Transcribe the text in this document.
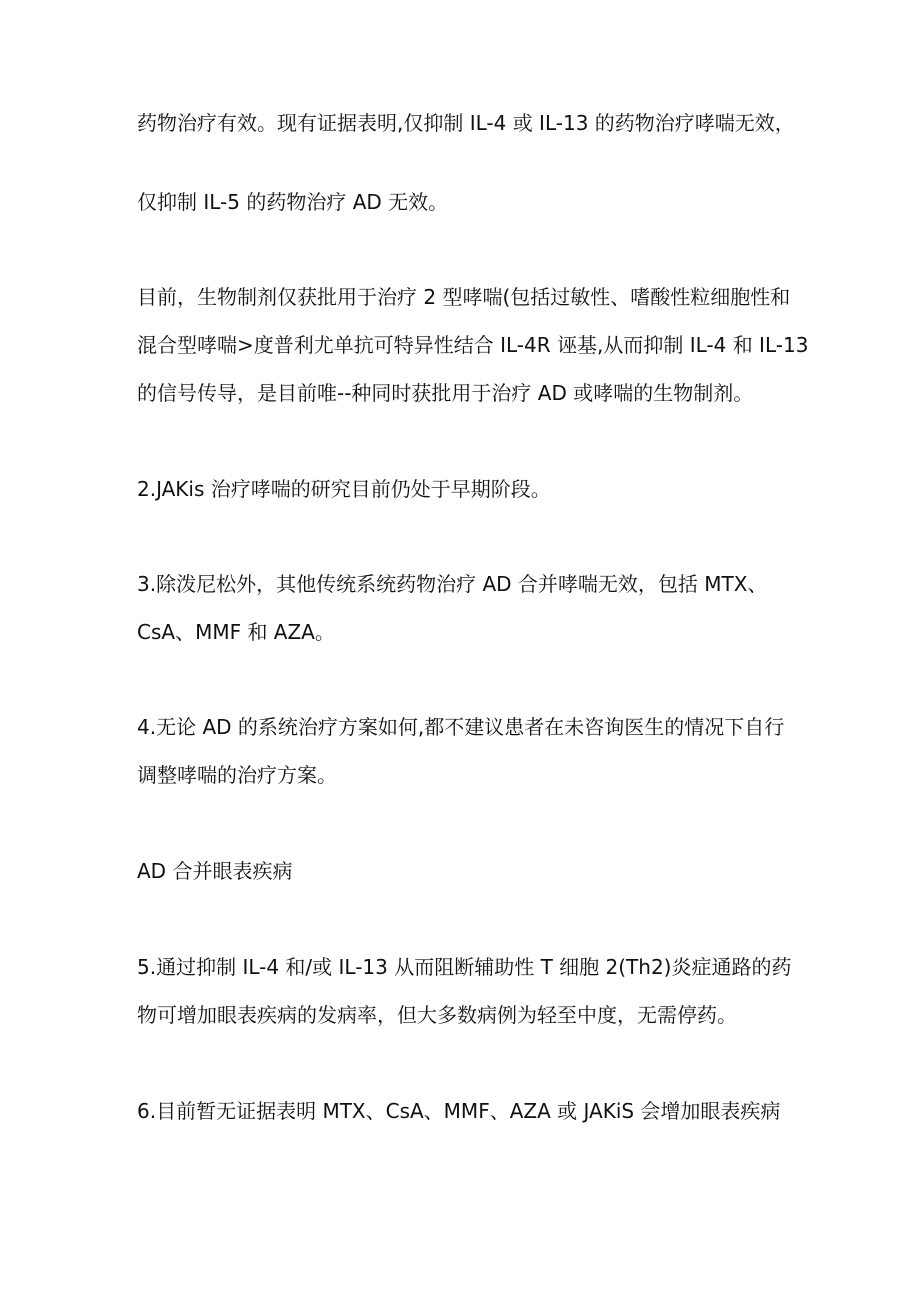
药物治疗有效。现有证据表明,仅抑制 IL-4 或 IL-13 的药物治疗哮喘无效，
仅抑制 IL-5 的药物治疗 AD 无效。
目前，生物制剂仅获批用于治疗 2 型哮喘(包括过敏性、嗜酸性粒细胞性和
混合型哮喘>度普利尤单抗可特异性结合 IL-4R 诬基,从而抑制 IL-4 和 IL-13
的信号传导，是目前唯--种同时获批用于治疗 AD 或哮喘的生物制剂。
2.JAKis 治疗哮喘的研究目前仍处于早期阶段。
3.除泼尼松外，其他传统系统药物治疗 AD 合并哮喘无效，包括 MTX、
CsA、MMF 和 AZA。
4.无论 AD 的系统治疗方案如何,都不建议患者在未咨询医生的情况下自行
调整哮喘的治疗方案。
AD 合并眼表疾病
5.通过抑制 IL-4 和/或 IL-13 从而阻断辅助性 T 细胞 2(Th2)炎症通路的药
物可增加眼表疾病的发病率，但大多数病例为轻至中度，无需停药。
6.目前暂无证据表明 MTX、CsA、MMF、AZA 或 JAKiS 会增加眼表疾病
